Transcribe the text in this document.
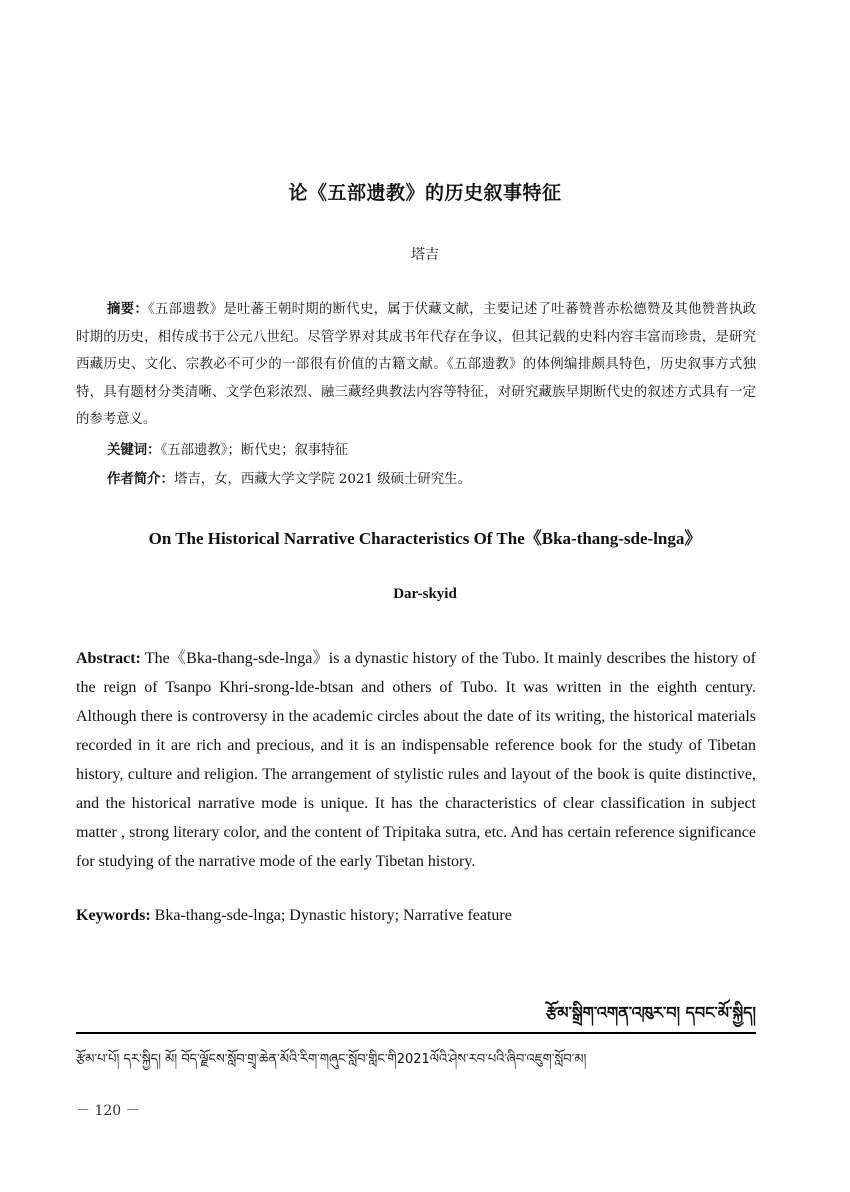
论《五部遗教》的历史叙事特征
塔吉

摘要：《五部遗教》是吐蕃王朝时期的断代史，属于伏藏文献，主要记述了吐蕃赞普赤松德赞及其他赞普执政时期的历史，相传成书于公元八世纪。尽管学界对其成书年代存在争议，但其记载的史料内容丰富而珍贵，是研究西藏历史、文化、宗教必不可少的一部很有价值的古籍文献。《五部遗教》的体例编排颇具特色，历史叙事方式独特，具有题材分类清晰、文学色彩浓烈、融三藏经典教法内容等特征，对研究藏族早期断代史的叙述方式具有一定的参考意义。

关键词：《五部遗教》；断代史；叙事特征
作者简介：塔吉，女，西藏大学文学院 2021 级硕士研究生。
On The Historical Narrative Characteristics Of The《Bka-thang-sde-lnga》
Dar-skyid

Abstract: The《Bka-thang-sde-lnga》is a dynastic history of the Tubo. It mainly describes the history of the reign of Tsanpo Khri-srong-lde-btsan and others of Tubo. It was written in the eighth century. Although there is controversy in the academic circles about the date of its writing, the historical materials recorded in it are rich and precious, and it is an indispensable reference book for the study of Tibetan history, culture and religion. The arrangement of stylistic rules and layout of the book is quite distinctive, and the historical narrative mode is unique. It has the characteristics of clear classification in subject matter , strong literary color, and the content of Tripitaka sutra, etc. And has certain reference significance for studying of the narrative mode of the early Tibetan history.

Keywords: Bka-thang-sde-lnga; Dynastic history; Narrative feature
རྩོམ་སྒྲིག་འགན་འཁུར་བ། དབང་མོ་སྐྱིད།
རྩོམ་པ་པོ། དར་སྐྱིད། མོ། བོད་ལྗོངས་སློབ་གྲྭ་ཆེན་མོའི་རིག་གཞུང་སློབ་གླིང་གི2021ལོའི་ཤེས་རབ་པའི་ཞིབ་འཇུག་སློབ་མ།
－ 120 －
